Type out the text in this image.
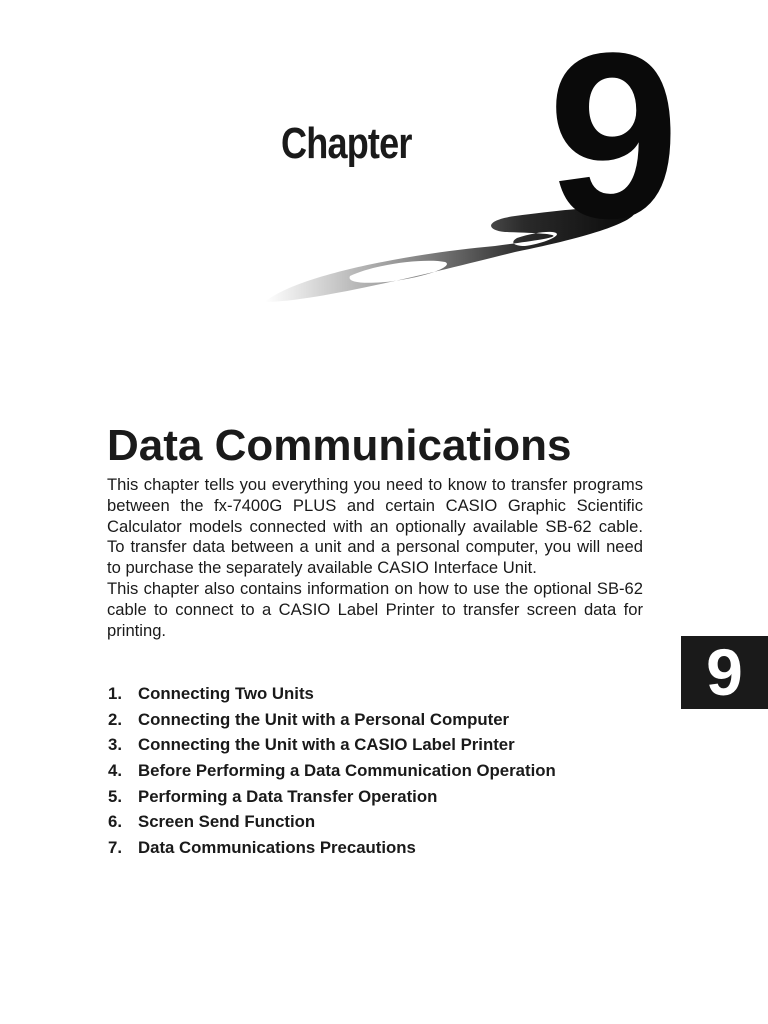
Chapter 9
Data Communications

This chapter tells you everything you need to know to transfer programs between the fx-7400G PLUS and certain CASIO Graphic Scientific Calculator models connected with an optionally available SB-62 cable. To transfer data between a unit and a personal computer, you will need to purchase the separately available CASIO Interface Unit.

This chapter also contains information on how to use the optional SB-62 cable to connect to a CASIO Label Printer to transfer screen data for printing.

1. Connecting Two Units
2. Connecting the Unit with a Personal Computer
3. Connecting the Unit with a CASIO Label Printer
4. Before Performing a Data Communication Operation
5. Performing a Data Transfer Operation
6. Screen Send Function
7. Data Communications Precautions
9
